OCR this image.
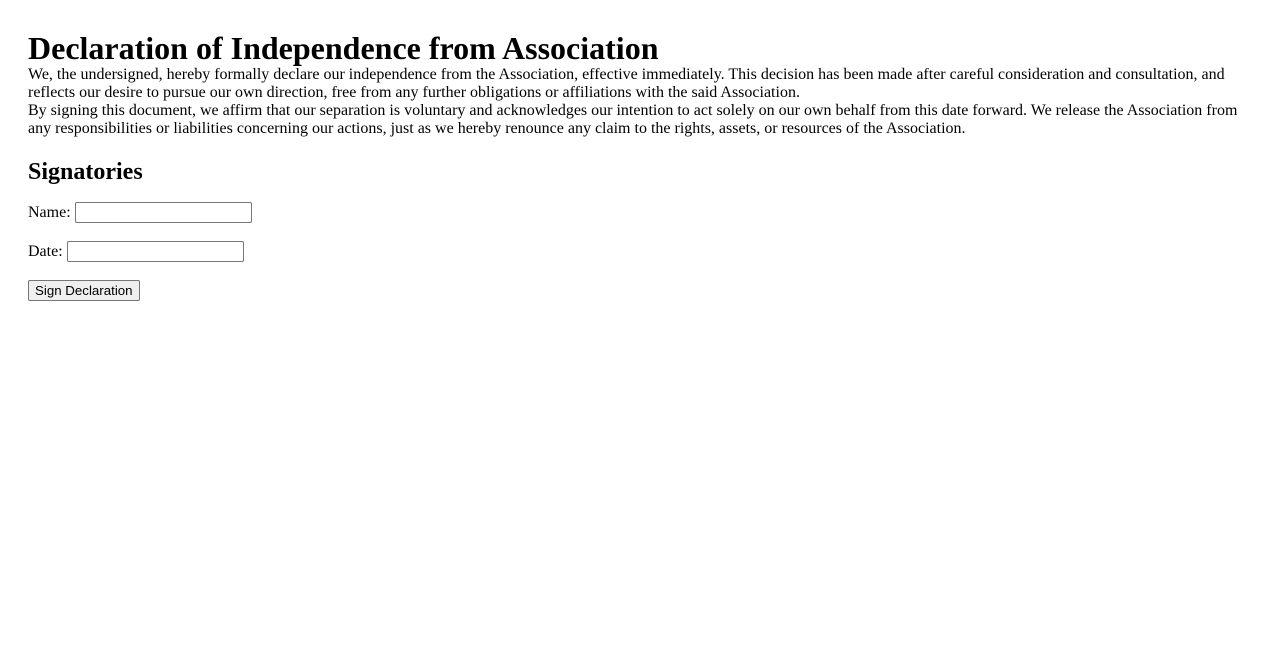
Declaration of Independence from Association

We, the undersigned, hereby formally declare our independence from the Association, effective immediately. This decision has been made after careful consideration and consultation, and reflects our desire to pursue our own direction, free from any further obligations or affiliations with the said Association.

By signing this document, we affirm that our separation is voluntary and acknowledges our intention to act solely on our own behalf from this date forward. We release the Association from any responsibilities or liabilities concerning our actions, just as we hereby renounce any claim to the rights, assets, or resources of the Association.

Signatories
Name:
Date:
Sign Declaration
